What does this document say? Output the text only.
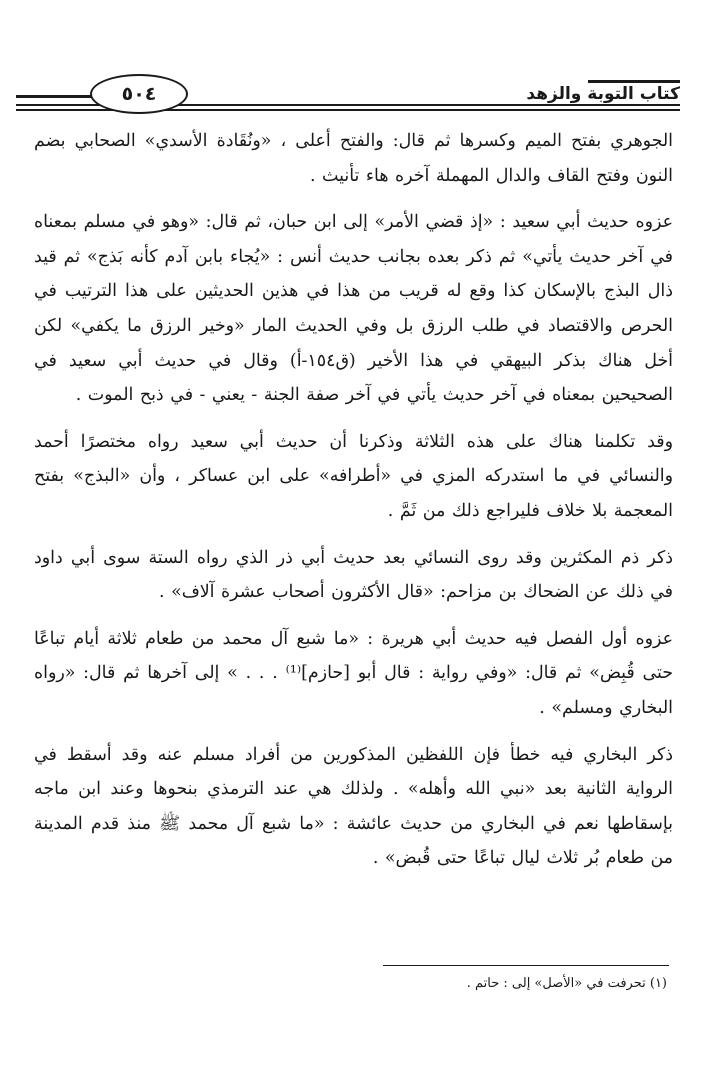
كتاب التوبة والزهد
٥٠٤

الجوهري بفتح الميم وكسرها ثم قال: والفتح أعلى ، «ونُقَادة الأسدي» الصحابي بضم النون وفتح القاف والدال المهملة آخره هاء تأنيث .

عزوه حديث أبي سعيد : «إذ قضي الأمر» إلى ابن حبان، ثم قال: «وهو في مسلم بمعناه في آخر حديث يأتي» ثم ذكر بعده بجانب حديث أنس : «يُجاء بابن آدم كأنه بَذج» ثم قيد ذال البذج بالإسكان كذا وقع له قريب من هذا في هذين الحديثين على هذا الترتيب في الحرص والاقتصاد في طلب الرزق بل وفي الحديث المار «وخير الرزق ما يكفي» لكن أخل هناك بذكر البيهقي في هذا الأخير (ق١٥٤-أ) وقال في حديث أبي سعيد في الصحيحين بمعناه في آخر حديث يأتي في آخر صفة الجنة - يعني - في ذبح الموت .

وقد تكلمنا هناك على هذه الثلاثة وذكرنا أن حديث أبي سعيد رواه مختصرًا أحمد والنسائي في ما استدركه المزي في «أطرافه» على ابن عساكر ، وأن «البذج» بفتح المعجمة بلا خلاف فليراجع ذلك من ثَمَّ .

ذكر ذم المكثرين وقد روى النسائي بعد حديث أبي ذر الذي رواه الستة سوى أبي داود في ذلك عن الضحاك بن مزاحم: «قال الأكثرون أصحاب عشرة آلاف» .

عزوه أول الفصل فيه حديث أبي هريرة : «ما شبع آل محمد من طعام ثلاثة أيام تباعًا حتى قُبِض» ثم قال: «وفي رواية : قال أبو [حازم]⁽¹⁾ . . . » إلى آخرها ثم قال: «رواه البخاري ومسلم» .

ذكر البخاري فيه خطأ فإن اللفظين المذكورين من أفراد مسلم عنه وقد أسقط في الرواية الثانية بعد «نبي الله وأهله» . ولذلك هي عند الترمذي بنحوها وعند ابن ماجه بإسقاطها نعم في البخاري من حديث عائشة : «ما شبع آل محمد ﷺ منذ قدم المدينة من طعام بُر ثلاث ليال تباعًا حتى قُبض» .

(١) تحرفت في «الأصل» إلى : حاتم .
